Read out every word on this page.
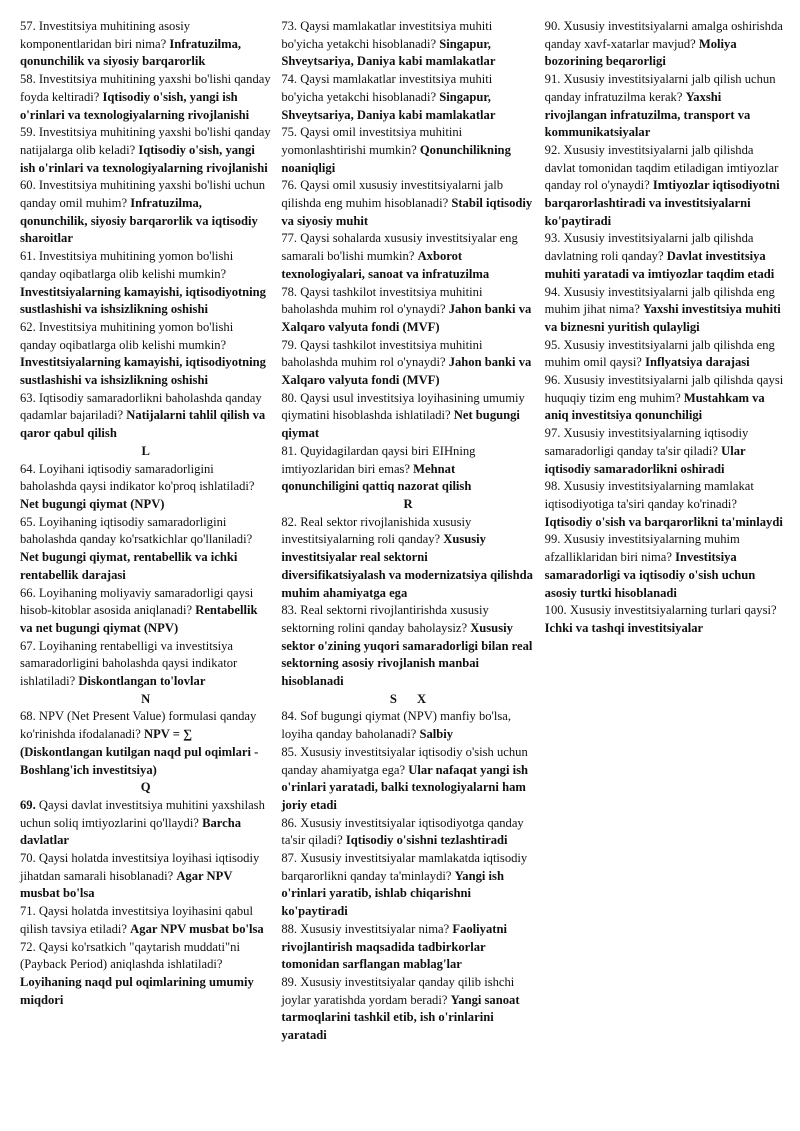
57. Investitsiya muhitining asosiy komponentlaridan biri nima? Infratuzilma, qonunchilik va siyosiy barqarorlik

58. Investitsiya muhitining yaxshi bo'lishi qanday foyda keltiradi? Iqtisodiy o'sish, yangi ish o'rinlari va texnologiyalarning rivojlanishi

59. Investitsiya muhitining yaxshi bo'lishi qanday natijalarga olib keladi? Iqtisodiy o'sish, yangi ish o'rinlari va texnologiyalarning rivojlanishi

60. Investitsiya muhitining yaxshi bo'lishi uchun qanday omil muhim? Infratuzilma, qonunchilik, siyosiy barqarorlik va iqtisodiy sharoitlar

61. Investitsiya muhitining yomon bo'lishi qanday oqibatlarga olib kelishi mumkin? Investitsiyalarning kamayishi, iqtisodiyotning sustlashishi va ishsizlikning oshishi

62. Investitsiya muhitining yomon bo'lishi qanday oqibatlarga olib kelishi mumkin? Investitsiyalarning kamayishi, iqtisodiyotning sustlashishi va ishsizlikning oshishi

63. Iqtisodiy samaradorlikni baholashda qanday qadamlar bajariladi? Natijalarni tahlil qilish va qaror qabul qilish

L

64. Loyihani iqtisodiy samaradorligini baholashda qaysi indikator ko'proq ishlatiladi? Net bugungi qiymat (NPV)

65. Loyihaning iqtisodiy samaradorligini baholashda qanday ko'rsatkichlar qo'llaniladi? Net bugungi qiymat, rentabellik va ichki rentabellik darajasi

66. Loyihaning moliyaviy samaradorligi qaysi hisob-kitoblar asosida aniqlanadi? Rentabellik va net bugungi qiymat (NPV)

67. Loyihaning rentabelligi va investitsiya samaradorligini baholashda qaysi indikator ishlatiladi? Diskontlangan to'lovlar

N

68. NPV (Net Present Value) formulasi qanday ko'rinishda ifodalanadi? NPV = ∑ (Diskontlangan kutilgan naqd pul oqimlari - Boshlang'ich investitsiya)

Q

69. Qaysi davlat investitsiya muhitini yaxshilash uchun soliq imtiyozlarini qo'llaydi? Barcha davlatlar

70. Qaysi holatda investitsiya loyihasi iqtisodiy jihatdan samarali hisoblanadi? Agar NPV musbat bo'lsa

71. Qaysi holatda investitsiya loyihasini qabul qilish tavsiya etiladi? Agar NPV musbat bo'lsa

72. Qaysi ko'rsatkich "qaytarish muddati"ni (Payback Period) aniqlashda ishlatiladi? Loyihaning naqd pul oqimlarining umumiy miqdori

73. Qaysi mamlakatlar investitsiya muhiti bo'yicha yetakchi hisoblanadi? Singapur, Shveytsariya, Daniya kabi mamlakatlar

74. Qaysi mamlakatlar investitsiya muhiti bo'yicha yetakchi hisoblanadi? Singapur, Shveytsariya, Daniya kabi mamlakatlar

75. Qaysi omil investitsiya muhitini yomonlashtirishi mumkin? Qonunchilikning noaniqligi

76. Qaysi omil xususiy investitsiyalarni jalb qilishda eng muhim hisoblanadi? Stabil iqtisodiy va siyosiy muhit

77. Qaysi sohalarda xususiy investitsiyalar eng samarali bo'lishi mumkin? Axborot texnologiyalari, sanoat va infratuzilma

78. Qaysi tashkilot investitsiya muhitini baholashda muhim rol o'ynaydi? Jahon banki va Xalqaro valyuta fondi (MVF)

79. Qaysi tashkilot investitsiya muhitini baholashda muhim rol o'ynaydi? Jahon banki va Xalqaro valyuta fondi (MVF)

80. Qaysi usul investitsiya loyihasining umumiy qiymatini hisoblashda ishlatiladi? Net bugungi qiymat

81. Quyidagilardan qaysi biri EIHning imtiyozlaridan biri emas? Mehnat qonunchiligini qattiq nazorat qilish

R

82. Real sektor rivojlanishida xususiy investitsiyalarning roli qanday? Xususiy investitsiyalar real sektorni diversifikatsiyalash va modernizatsiya qilishda muhim ahamiyatga ega

83. Real sektorni rivojlantirishda xususiy sektorning rolini qanday baholaysiz? Xususiy sektor o'zining yuqori samaradorligi bilan real sektorning asosiy rivojlanish manbai hisoblanadi

S X

84. Sof bugungi qiymat (NPV) manfiy bo'lsa, loyiha qanday baholanadi? Salbiy

85. Xususiy investitsiyalar iqtisodiy o'sish uchun qanday ahamiyatga ega? Ular nafaqat yangi ish o'rinlari yaratadi, balki texnologiyalarni ham joriy etadi

86. Xususiy investitsiyalar iqtisodiyotga qanday ta'sir qiladi? Iqtisodiy o'sishni tezlashtiradi

87. Xususiy investitsiyalar mamlakatda iqtisodiy barqarorlikni qanday ta'minlaydi? Yangi ish o'rinlari yaratib, ishlab chiqarishni ko'paytiradi

88. Xususiy investitsiyalar nima? Faoliyatni rivojlantirish maqsadida tadbirkorlar tomonidan sarflangan mablag'lar

89. Xususiy investitsiyalar qanday qilib ishchi joylar yaratishda yordam beradi? Yangi sanoat tarmoqlarini tashkil etib, ish o'rinlarini yaratadi

90. Xususiy investitsiyalarni amalga oshirishda qanday xavf-xatarlar mavjud? Moliya bozorining beqarorligi

91. Xususiy investitsiyalarni jalb qilish uchun qanday infratuzilma kerak? Yaxshi rivojlangan infratuzilma, transport va kommunikatsiyalar

92. Xususiy investitsiyalarni jalb qilishda davlat tomonidan taqdim etiladigan imtiyozlar qanday rol o'ynaydi? Imtiyozlar iqtisodiyotni barqarorlashtiradi va investitsiyalarni ko'paytiradi

93. Xususiy investitsiyalarni jalb qilishda davlatning roli qanday? Davlat investitsiya muhiti yaratadi va imtiyozlar taqdim etadi

94. Xususiy investitsiyalarni jalb qilishda eng muhim jihat nima? Yaxshi investitsiya muhiti va biznesni yuritish qulayligi

95. Xususiy investitsiyalarni jalb qilishda eng muhim omil qaysi? Inflyatsiya darajasi

96. Xususiy investitsiyalarni jalb qilishda qaysi huquqiy tizim eng muhim? Mustahkam va aniq investitsiya qonunchiligi

97. Xususiy investitsiyalarning iqtisodiy samaradorligi qanday ta'sir qiladi? Ular iqtisodiy samaradorlikni oshiradi

98. Xususiy investitsiyalarning mamlakat iqtisodiyotiga ta'siri qanday ko'rinadi? Iqtisodiy o'sish va barqarorlikni ta'minlaydi

99. Xususiy investitsiyalarning muhim afzalliklaridan biri nima? Investitsiya samaradorligi va iqtisodiy o'sish uchun asosiy turtki hisoblanadi

100. Xususiy investitsiyalarning turlari qaysi? Ichki va tashqi investitsiyalar
